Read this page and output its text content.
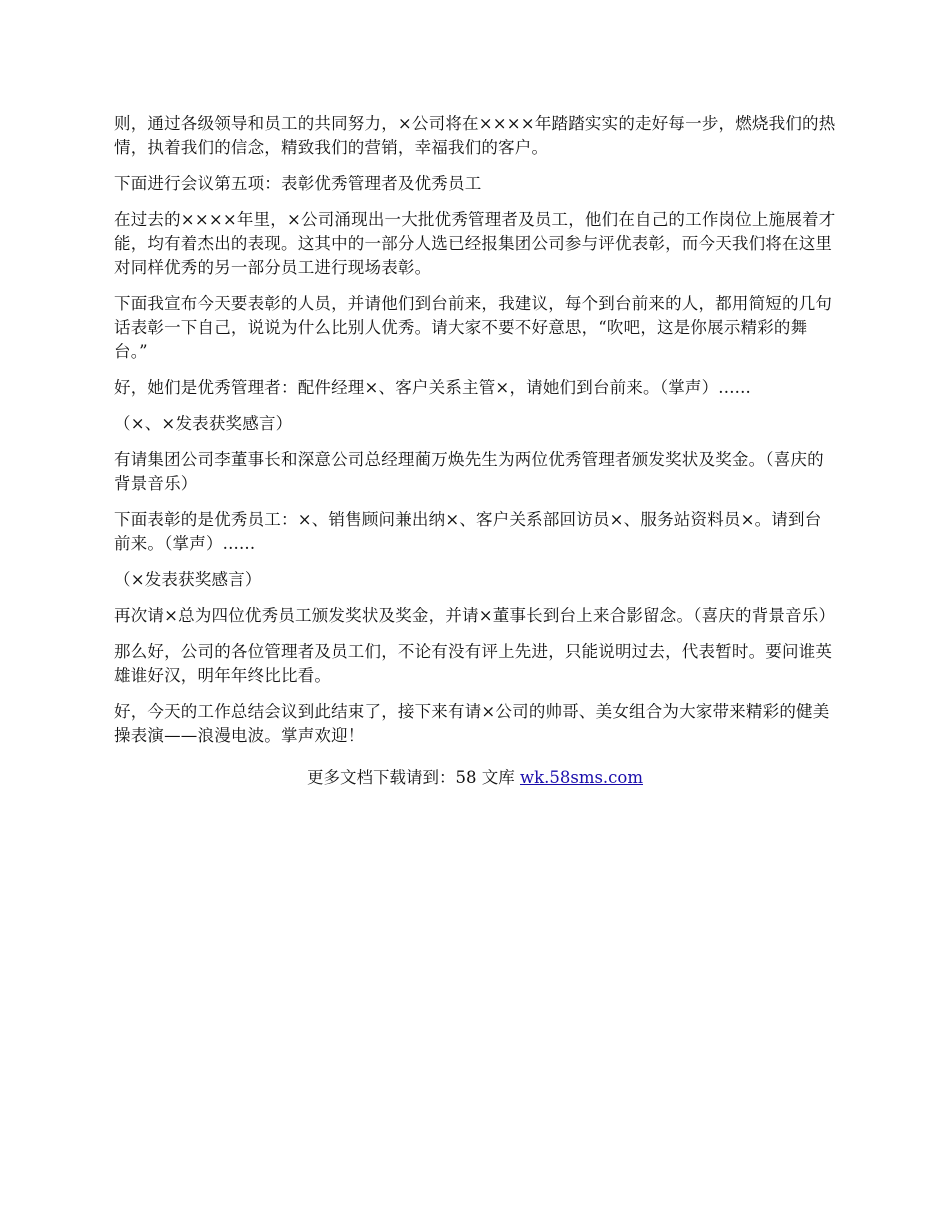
则，通过各级领导和员工的共同努力，×公司将在××××年踏踏实实的走好每一步，燃烧我们的热情，执着我们的信念，精致我们的营销，幸福我们的客户。

下面进行会议第五项：表彰优秀管理者及优秀员工

在过去的××××年里，×公司涌现出一大批优秀管理者及员工，他们在自己的工作岗位上施展着才能，均有着杰出的表现。这其中的一部分人选已经报集团公司参与评优表彰，而今天我们将在这里对同样优秀的另一部分员工进行现场表彰。

下面我宣布今天要表彰的人员，并请他们到台前来，我建议，每个到台前来的人，都用简短的几句话表彰一下自己，说说为什么比别人优秀。请大家不要不好意思，“吹吧，这是你展示精彩的舞台。”

好，她们是优秀管理者：配件经理×、客户关系主管×，请她们到台前来。（掌声）......

（×、×发表获奖感言）

有请集团公司李董事长和深意公司总经理蔺万焕先生为两位优秀管理者颁发奖状及奖金。（喜庆的背景音乐）

下面表彰的是优秀员工：×、销售顾问兼出纳×、客户关系部回访员×、服务站资料员×。请到台前来。（掌声）......

（×发表获奖感言）

再次请×总为四位优秀员工颁发奖状及奖金，并请×董事长到台上来合影留念。（喜庆的背景音乐）

那么好，公司的各位管理者及员工们，不论有没有评上先进，只能说明过去，代表暂时。要问谁英雄谁好汉，明年年终比比看。

好，今天的工作总结会议到此结束了，接下来有请×公司的帅哥、美女组合为大家带来精彩的健美操表演——浪漫电波。掌声欢迎！

更多文档下载请到：58 文库 wk.58sms.com
